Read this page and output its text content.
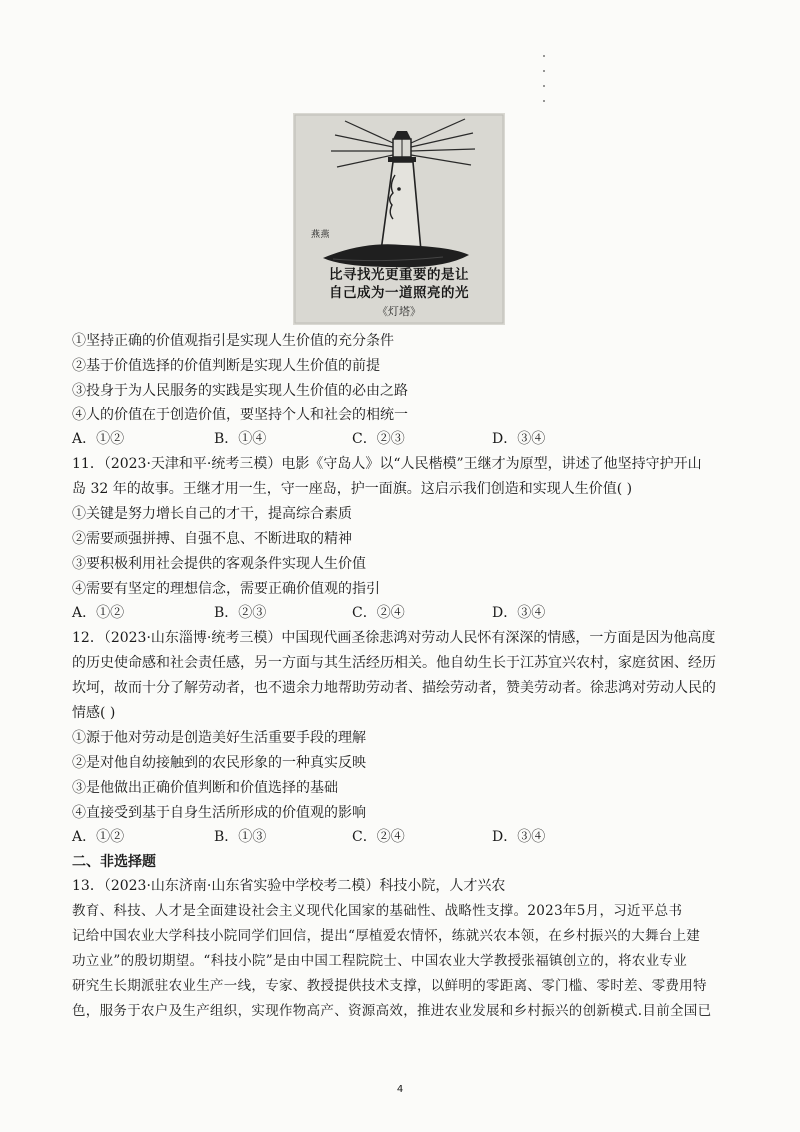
燕燕
比寻找光更重要的是让
自己成为一道照亮的光
《灯塔》
①坚持正确的价值观指引是实现人生价值的充分条件
②基于价值选择的价值判断是实现人生价值的前提
③投身于为人民服务的实践是实现人生价值的必由之路
④人的价值在于创造价值，要坚持个人和社会的相统一
A．①②	B．①④	C．②③	D．③④
11．（2023·天津和平·统考三模）电影《守岛人》以“人民楷模”王继才为原型，讲述了他坚持守护开山
岛 32 年的故事。王继才用一生，守一座岛，护一面旗。这启示我们创造和实现人生价值( )
①关键是努力增长自己的才干，提高综合素质
②需要顽强拼搏、自强不息、不断进取的精神
③要积极利用社会提供的客观条件实现人生价值
④需要有坚定的理想信念，需要正确价值观的指引
A．①②	B．②③	C．②④	D．③④
12．（2023·山东淄博·统考三模）中国现代画圣徐悲鸿对劳动人民怀有深深的情感，一方面是因为他高度
的历史使命感和社会责任感，另一方面与其生活经历相关。他自幼生长于江苏宜兴农村，家庭贫困、经历
坎坷，故而十分了解劳动者，也不遗余力地帮助劳动者、描绘劳动者，赞美劳动者。徐悲鸿对劳动人民的
情感( )
①源于他对劳动是创造美好生活重要手段的理解
②是对他自幼接触到的农民形象的一种真实反映
③是他做出正确价值判断和价值选择的基础
④直接受到基于自身生活所形成的价值观的影响
A．①②	B．①③	C．②④	D．③④
二、非选择题
13．（2023·山东济南·山东省实验中学校考二模）科技小院，人才兴农
教育、科技、人才是全面建设社会主义现代化国家的基础性、战略性支撑。2023年5月，习近平总书
记给中国农业大学科技小院同学们回信，提出“厚植爱农情怀，练就兴农本领，在乡村振兴的大舞台上建
功立业”的殷切期望。“科技小院”是由中国工程院院士、中国农业大学教授张福镇创立的，将农业专业
研究生长期派驻农业生产一线，专家、教授提供技术支撑，以鲜明的零距离、零门槛、零时差、零费用特
色，服务于农户及生产组织，实现作物高产、资源高效，推进农业发展和乡村振兴的创新模式.目前全国已
4
